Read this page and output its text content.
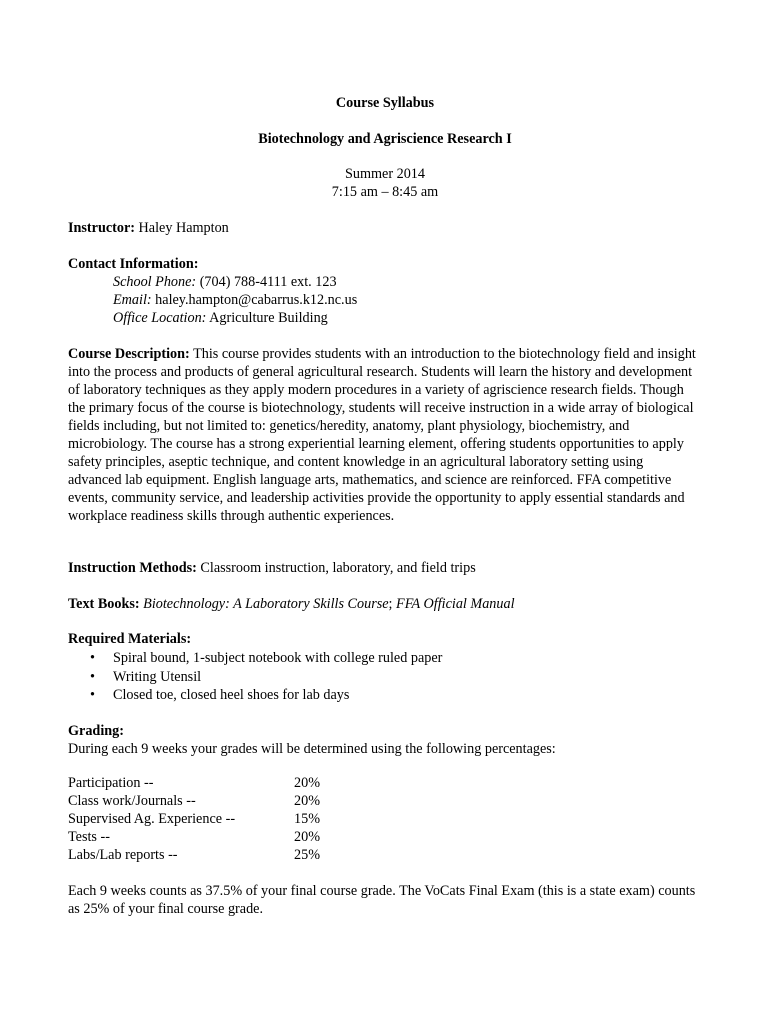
Course Syllabus
Biotechnology and Agriscience Research I
Summer 2014
7:15 am – 8:45 am
Instructor: Haley Hampton
Contact Information:
School Phone: (704) 788-4111 ext. 123
Email: haley.hampton@cabarrus.k12.nc.us
Office Location: Agriculture Building
Course Description: This course provides students with an introduction to the biotechnology field and insight into the process and products of general agricultural research. Students will learn the history and development of laboratory techniques as they apply modern procedures in a variety of agriscience research fields. Though the primary focus of the course is biotechnology, students will receive instruction in a wide array of biological fields including, but not limited to: genetics/heredity, anatomy, plant physiology, biochemistry, and microbiology. The course has a strong experiential learning element, offering students opportunities to apply safety principles, aseptic technique, and content knowledge in an agricultural laboratory setting using advanced lab equipment. English language arts, mathematics, and science are reinforced. FFA competitive events, community service, and leadership activities provide the opportunity to apply essential standards and workplace readiness skills through authentic experiences.
Instruction Methods: Classroom instruction, laboratory, and field trips
Text Books: Biotechnology: A Laboratory Skills Course; FFA Official Manual
Required Materials:
• Spiral bound, 1-subject notebook with college ruled paper
• Writing Utensil
• Closed toe, closed heel shoes for lab days
Grading:
During each 9 weeks your grades will be determined using the following percentages:
Participation --	20%
Class work/Journals --	20%
Supervised Ag. Experience --	15%
Tests --	20%
Labs/Lab reports --	25%
Each 9 weeks counts as 37.5% of your final course grade. The VoCats Final Exam (this is a state exam) counts as 25% of your final course grade.
